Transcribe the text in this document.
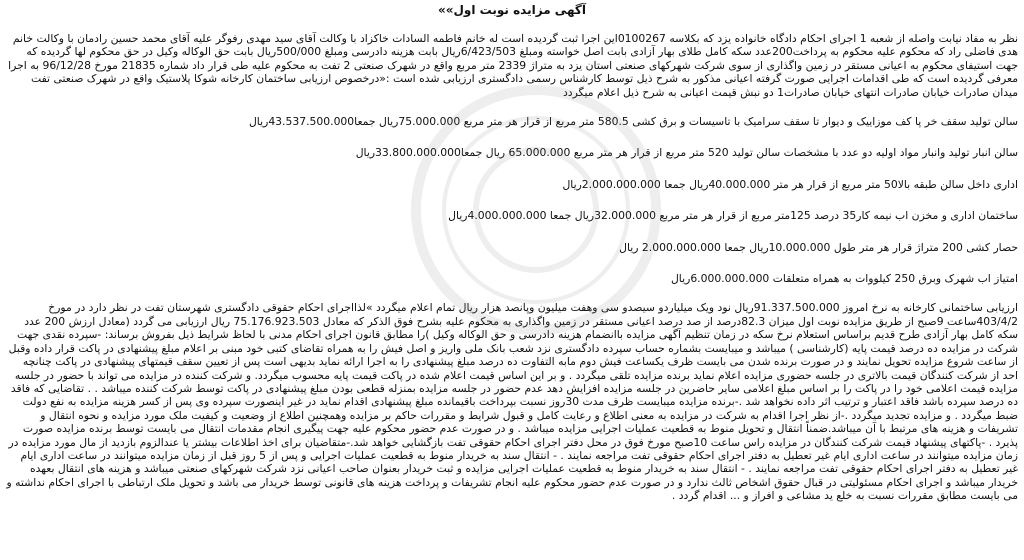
آگهی مزایده نوبت اول»»

نظر به مفاد نیابت واصله از شعبه 1 اجرای احکام دادگاه خانواده یزد که بکلاسه 0100267این اجرا ثبت گردیده است له خانم فاطمه السادات خاکزاد با وکالت آقای سید مهدی رفوگر علیه آقای محمد حسین رادمان با وکالت خانم هدی فاضلی راد که محکوم علیه محکوم به پرداخت200عدد سکه کامل طلای بهار آزادی بابت اصل خواسته ومبلغ 6/423/503ریال بابت هزینه دادرسی ومبلغ 500/000ریال بابت حق الوکاله وکیل در حق محکوم لها گردیده که جهت استیفای محکوم به اعیانی مستقر در زمین واگذاری از سوی شرکت شهرکهای صنعتی استان یزد به متراژ 2339 متر مربع واقع در شهرک صنعتی 2 تفت به محکوم علیه طی قرار داد شماره 21835 مورخ 96/12/28 به اجرا معرفی گردیده است که طی اقدامات اجرایی صورت گرفته اعیانی مذکور به شرح ذیل توسط کارشناس رسمی دادگستری ارزیابی شده است :«درخصوص ارزیابی ساختمان کارخانه شوکا پلاستیک واقع در شهرک صنعتی تفت میدان صادرات خیابان صادرات انتهای خیابان صادرات1 دو نبش قیمت اعیانی به شرح ذیل اعلام میگردد

سالن تولید سقف خر پا کف موزاییک و دیوار تا سقف سرامیک با تاسیسات و برق کشی 580.5 متر مربع از قرار هر متر مربع 75.000.000ریال جمعا43.537.500.000ریال

سالن انبار تولید وانبار مواد اولیه دو عدد با مشخصات سالن تولید 520 متر مربع از قرار هر متر مربع 65.000.000 ریال جمعا33.800.000.000ریال

اداری داخل سالن طبقه بالا50 متر مربع از قرار هر متر 40.000.000ریال جمعا 2.000.000.000ریال

ساختمان اداری و مخزن اب نیمه کار35 درصد 125متر مربع از قرار هر متر مربع 32.000.000ریال جمعا 4.000.000.000ریال

حصار کشی 200 متراژ قرار هر متر طول 10.000.000ریال جمعا 2.000.000.000 ریال

امتیاز اب شهرک وبرق 250 کیلووات به همراه متعلقات 6.000.000.000ریال

ارزیابی ساختمانی کارخانه به نرخ امروز 91.337.500.000ریال نود ویک میلیاردو سیصدو سی وهفت میلیون وپانصد هزار ریال تمام اعلام میگردد »لذااجرای احکام حقوقی دادگستری شهرستان تفت در نظر دارد در مورخ 403/4/2ساعت 9صبح از طریق مزایده نوبت اول میزان 82.3درصد از صد درصد اعیانی مستقر در زمین واگذاری به محکوم علیه بشرح فوق الذکر که معادل 75.176.923.503 ریال ارزیابی می گردد (معادل ارزش 200 عدد سکه کامل بهار آزادی طرح قدیم براساس استعلام نرخ سکه در زمان تنظیم آگهی مزایده باانضمام هزینه دادرسی و حق الوکاله وکیل )را مطابق قانون اجرای احکام مدنی با لحاظ شرایط ذیل بفروش برساند: -سپرده نقدی جهت شرکت در مزایده ده درصد قیمت پایه (کارشناسی ) میباشد و میبایست بشماره حساب سپرده دادگستری نزد شعب بانک ملی واریز و اصل فیش را به همراه تقاضای کتبی خود مبنی بر اعلام مبلغ پیشنهادی در پاکت قرار داده وقبل از ساعت شروع مزایده تحویل نمایند و در صورت برنده شدن می بایست ظرف یکساعت فیش دوم مابه التفاوت ده درصد مبلغ پیشنهادی را به اجرا ارائه نماید بدیهی است پس از تعیین سقف قیمتهای پیشنهادی در پاکت چنانچه احد از شرکت کنندگان قیمت بالاتری در جلسه حضوری مزایده اعلام نماید برنده مزایده تلقی میگردد . و بر این اساس قیمت اعلام شده در پاکت قیمت پایه محسوب میگردد. و شرکت کننده در مزایده می تواند با حضور در جلسه مزایده قیمت اعلامی خود را در پاکت را بر اساس مبلغ اعلامی سایر حاضرین در جلسه مزایده افزایش دهد عدم حضور در جلسه مزایده بمنزله قطعی بودن مبلغ پیشنهادی در پاکت توسط شرکت کننده میباشد . . تقاضایی که فاقد ده درصد سپرده باشد فاقد اعتبار و ترتیب اثر داده نخواهد شد .-برنده مزایده میبایست ظرف مدت 30روز نسبت بپرداخت باقیمانده مبلغ پیشنهادی اقدام نماید در غیر اینصورت سپرده وی پس از کسر هزینه مزایده به نفع دولت ضبط میگردد . و مزایده تجدید میگردد .-از نظر اجرا اقدام به شرکت در مزایده به معنی اطلاع و رعایت کامل و قبول شرایط و مقررات حاکم بر مزایده وهمچنین اطلاع از وضعیت و کیفیت ملک مورد مزایده و نحوه انتقال و تشریفات و هزینه های مرتبط با آن میباشد.ضمناً انتقال و تحویل منوط به قطعیت عملیات اجرایی مزایده میباشد . و در صورت عدم حضور محکوم علیه جهت پیگیری انجام مقدمات انتقال می بایست توسط برنده مزایده صورت پذیرد . -پاکتهای پیشنهاد قیمت شرکت کنندگان در مزایده راس ساعت 10صبح مورخ فوق در محل دفتر اجرای احکام حقوقی تفت بازگشایی خواهد شد.-متقاضیان برای اخذ اطلاعات بیشتر یا عندالزوم بازدید از مال مورد مزایده در زمان مزایده میتوانند در ساعت اداری ایام غیر تعطیل به دفتر اجرای احکام حقوقی تفت مراجعه نمایند . - انتقال سند به خریدار منوط به قطعیت عملیات اجرایی و پس از 5 روز قبل از زمان مزایده میتوانند در ساعت اداری ایام غیر تعطیل به دفتر اجرای احکام حقوقی تفت مراجعه نمایند . - انتقال سند به خریدار منوط به قطعیت عملیات اجرایی مزایده و ثبت خریدار بعنوان صاحب اعیانی نزد شرکت شهرکهای صنعتی میباشد و هزینه های انتقال بعهده خریدار میباشد و اجرای احکام مسئولیتی در قبال حقوق اشخاص ثالث ندارد و در صورت عدم حضور محکوم علیه انجام تشریفات و پرداخت هزینه های قانونی توسط خریدار می باشد و تحویل ملک ارتباطی با اجرای احکام نداشته و می بایست مطابق مقررات نسبت به خلع ید مشاعی و افراز و ... اقدام گردد .
